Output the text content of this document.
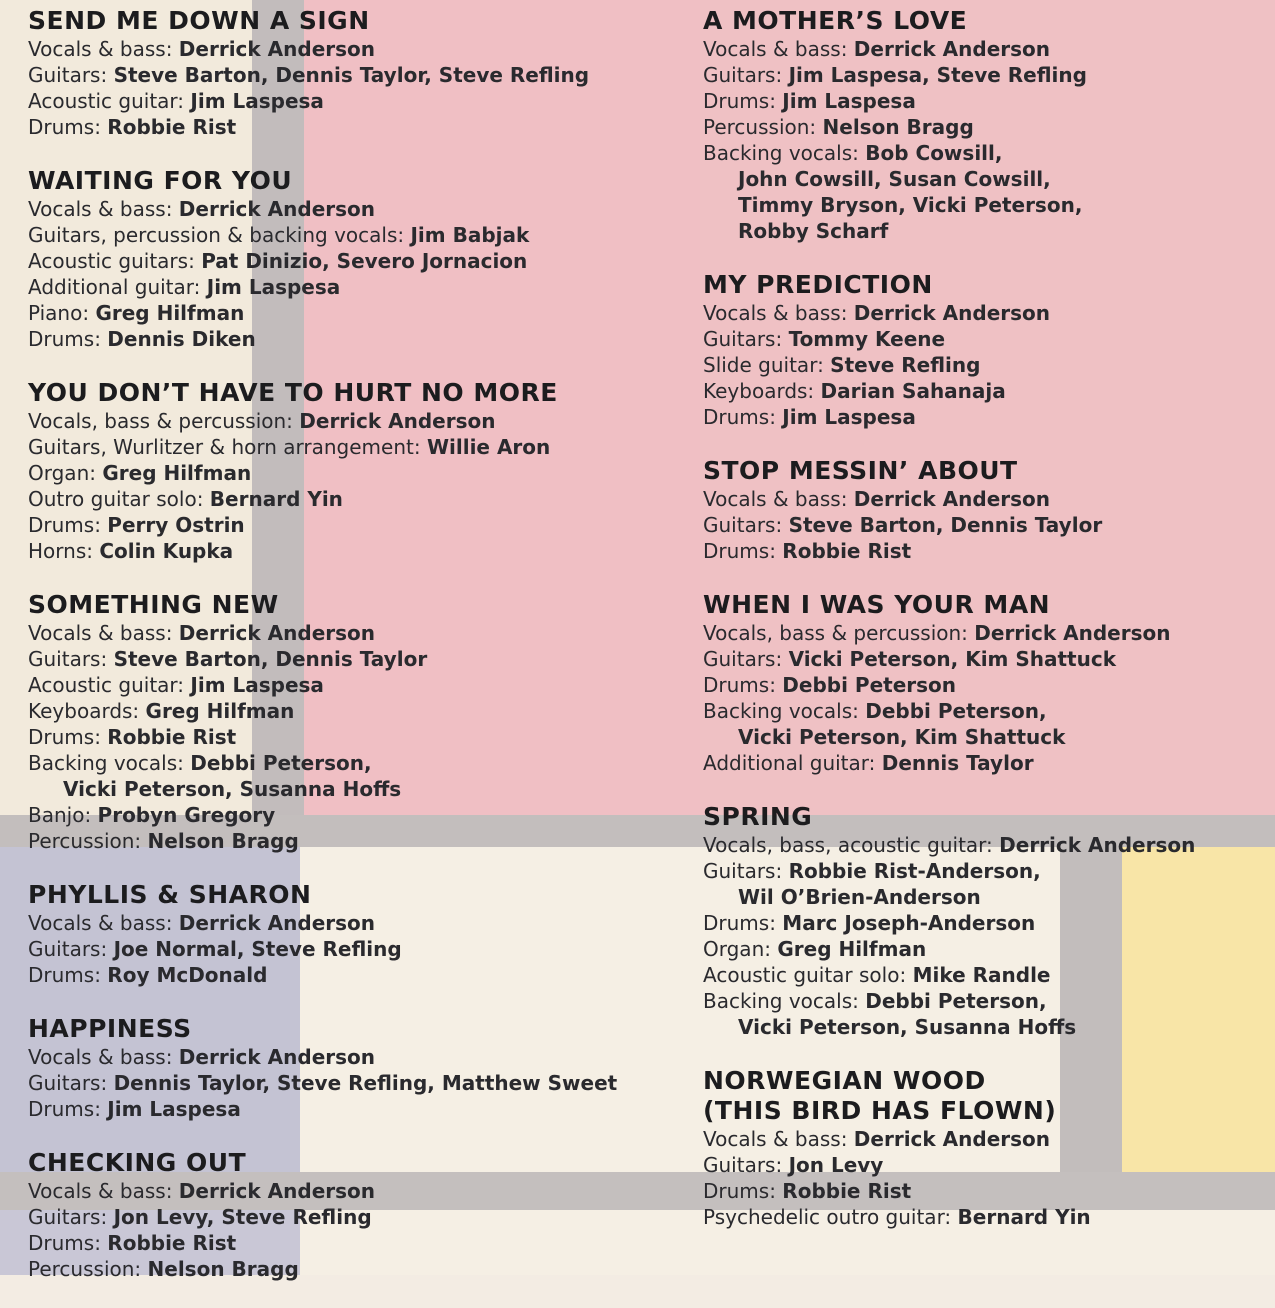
SEND ME DOWN A SIGN
Vocals & bass: Derrick Anderson
Guitars: Steve Barton, Dennis Taylor, Steve Refling
Acoustic guitar: Jim Laspesa
Drums: Robbie Rist
WAITING FOR YOU
Vocals & bass: Derrick Anderson
Guitars, percussion & backing vocals: Jim Babjak
Acoustic guitars: Pat Dinizio, Severo Jornacion
Additional guitar: Jim Laspesa
Piano: Greg Hilfman
Drums: Dennis Diken
YOU DON’T HAVE TO HURT NO MORE
Vocals, bass & percussion: Derrick Anderson
Guitars, Wurlitzer & horn arrangement: Willie Aron
Organ: Greg Hilfman
Outro guitar solo: Bernard Yin
Drums: Perry Ostrin
Horns: Colin Kupka
SOMETHING NEW
Vocals & bass: Derrick Anderson
Guitars: Steve Barton, Dennis Taylor
Acoustic guitar: Jim Laspesa
Keyboards: Greg Hilfman
Drums: Robbie Rist
Backing vocals: Debbi Peterson,
Vicki Peterson, Susanna Hoffs
Banjo: Probyn Gregory
Percussion: Nelson Bragg
PHYLLIS & SHARON
Vocals & bass: Derrick Anderson
Guitars: Joe Normal, Steve Refling
Drums: Roy McDonald
HAPPINESS
Vocals & bass: Derrick Anderson
Guitars: Dennis Taylor, Steve Refling, Matthew Sweet
Drums: Jim Laspesa
CHECKING OUT
Vocals & bass: Derrick Anderson
Guitars: Jon Levy, Steve Refling
Drums: Robbie Rist
Percussion: Nelson Bragg
A MOTHER’S LOVE
Vocals & bass: Derrick Anderson
Guitars: Jim Laspesa, Steve Refling
Drums: Jim Laspesa
Percussion: Nelson Bragg
Backing vocals: Bob Cowsill,
John Cowsill, Susan Cowsill,
Timmy Bryson, Vicki Peterson,
Robby Scharf
MY PREDICTION
Vocals & bass: Derrick Anderson
Guitars: Tommy Keene
Slide guitar: Steve Refling
Keyboards: Darian Sahanaja
Drums: Jim Laspesa
STOP MESSIN’ ABOUT
Vocals & bass: Derrick Anderson
Guitars: Steve Barton, Dennis Taylor
Drums: Robbie Rist
WHEN I WAS YOUR MAN
Vocals, bass & percussion: Derrick Anderson
Guitars: Vicki Peterson, Kim Shattuck
Drums: Debbi Peterson
Backing vocals: Debbi Peterson,
Vicki Peterson, Kim Shattuck
Additional guitar: Dennis Taylor
SPRING
Vocals, bass, acoustic guitar: Derrick Anderson
Guitars: Robbie Rist-Anderson,
Wil O’Brien-Anderson
Drums: Marc Joseph-Anderson
Organ: Greg Hilfman
Acoustic guitar solo: Mike Randle
Backing vocals: Debbi Peterson,
Vicki Peterson, Susanna Hoffs
NORWEGIAN WOOD
(THIS BIRD HAS FLOWN)
Vocals & bass: Derrick Anderson
Guitars: Jon Levy
Drums: Robbie Rist
Psychedelic outro guitar: Bernard Yin
